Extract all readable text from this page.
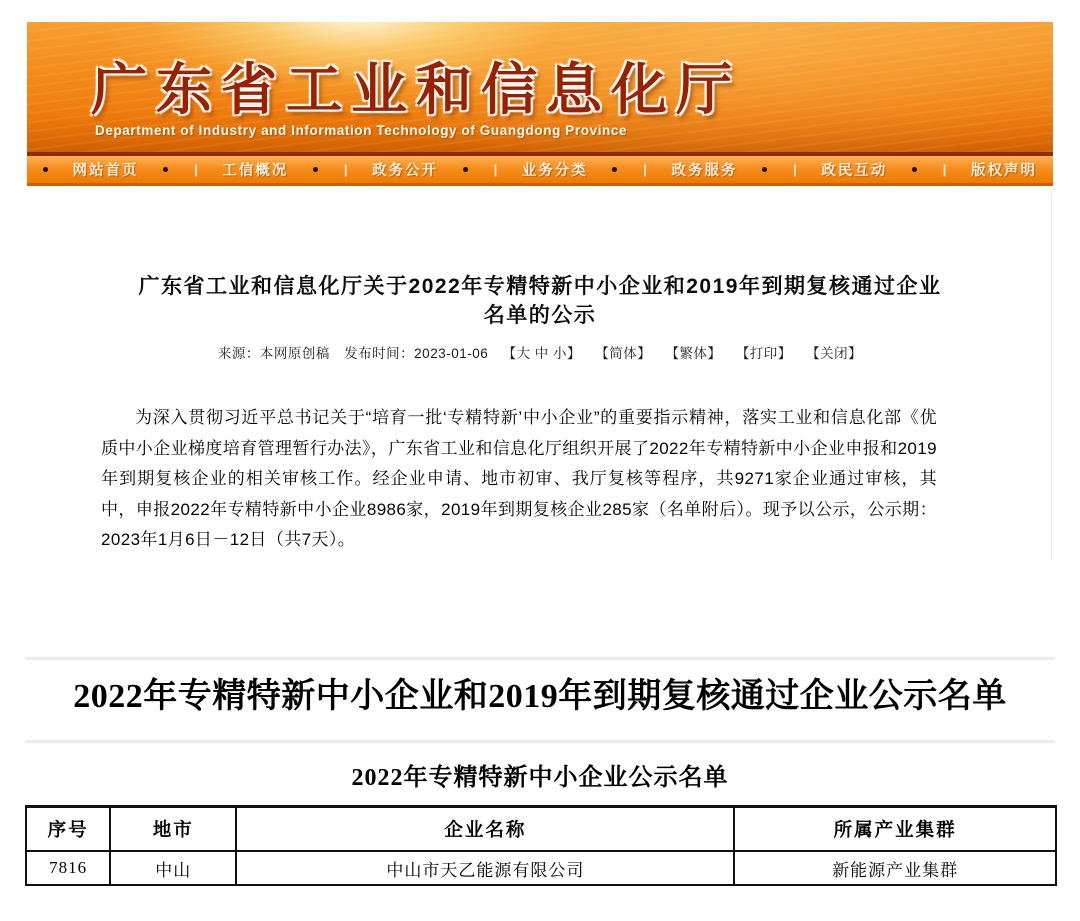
广东省工业和信息化厅
Department of Industry and Information Technology of Guangdong Province
网站首页	| 工信概况	| 政务公开	| 业务分类	| 政务服务	| 政民互动	| 版权声明
广东省工业和信息化厅关于2022年专精特新中小企业和2019年到期复核通过企业名单的公示
来源：本网原创稿 发布时间：2023-01-06 【大 中 小】 【简体】 【繁体】 【打印】 【关闭】

为深入贯彻习近平总书记关于“培育一批‘专精特新’中小企业”的重要指示精神，落实工业和信息化部《优质中小企业梯度培育管理暂行办法》，广东省工业和信息化厅组织开展了2022年专精特新中小企业申报和2019年到期复核企业的相关审核工作。经企业申请、地市初审、我厅复核等程序，共9271家企业通过审核，其中，申报2022年专精特新中小企业8986家，2019年到期复核企业285家（名单附后）。现予以公示，公示期：2023年1月6日－12日（共7天）。

2022年专精特新中小企业和2019年到期复核通过企业公示名单
2022年专精特新中小企业公示名单
序号	地市	企业名称	所属产业集群
7816	中山	中山市天乙能源有限公司	新能源产业集群
